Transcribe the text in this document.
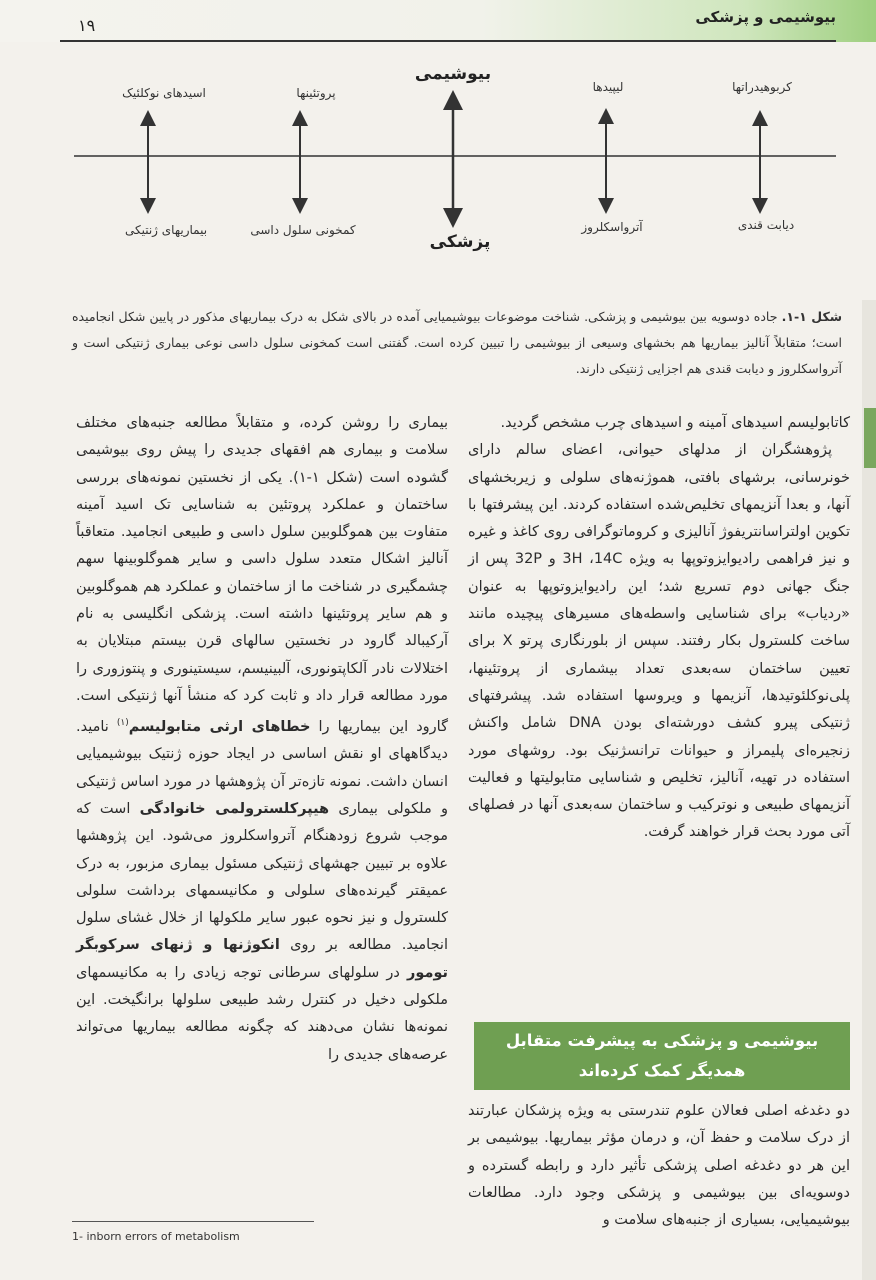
بیوشیمی و پزشکی
۱۹
بیوشیمی
پزشکی
اسیدهای نوکلئیک	پروتئینها	لیپیدها	کربوهیدراتها
بیماریهای ژنتیکی	کمخونی سلول داسی	آترواسکلروز	دیابت قندی
شکل ۱-۱. جاده دوسویه بین بیوشیمی و پزشکی. شناخت موضوعات بیوشیمیایی آمده در بالای شکل به درک بیماریهای مذکور در پایین شکل انجامیده است؛ متقابلاً آنالیز بیماریها هم بخشهای وسیعی از بیوشیمی را تبیین کرده است. گفتنی است کمخونی سلول داسی نوعی بیماری ژنتیکی است و آترواسکلروز و دیابت قندی هم اجزایی ژنتیکی دارند.

کاتابولیسم اسیدهای آمینه و اسیدهای چرب مشخص گردید.

پژوهشگران از مدلهای حیوانی، اعضای سالم دارای خونرسانی، برشهای بافتی، هموژنه‌های سلولی و زیربخشهای آنها، و بعدا آنزیمهای تخلیص‌شده استفاده کردند. این پیشرفتها با تکوین اولتراسانتریفوژ آنالیزی و کروماتوگرافی روی کاغذ و غیره و نیز فراهمی رادیوایزوتوپها به ویژه 3H ،14C و 32P پس از جنگ جهانی دوم تسریع شد؛ این رادیوایزوتوپها به عنوان «ردیاب» برای شناسایی واسطه‌های مسیرهای پیچیده مانند ساخت کلسترول بکار رفتند. سپس از بلورنگاری پرتو X برای تعیین ساختمان سه‌بعدی تعداد بیشماری از پروتئینها، پلی‌نوکلئوتیدها، آنزیمها و ویروسها استفاده شد. پیشرفتهای ژنتیکی پیرو کشف دورشته‌ای بودن DNA شامل واکنش زنجیره‌ای پلیمراز و حیوانات ترانسژنیک بود. روشهای مورد استفاده در تهیه، آنالیز، تخلیص و شناسایی متابولیتها و فعالیت آنزیمهای طبیعی و نوترکیب و ساختمان سه‌بعدی آنها در فصلهای آتی مورد بحث قرار خواهند گرفت.

بیوشیمی و پزشکی به پیشرفت متقابل همدیگر کمک کرده‌اند

دو دغدغه اصلی فعالان علوم تندرستی به ویژه پزشکان عبارتند از درک سلامت و حفظ آن، و درمان مؤثر بیماریها. بیوشیمی بر این هر دو دغدغه اصلی پزشکی تأثیر دارد و رابطه گسترده و دوسویه‌ای بین بیوشیمی و پزشکی وجود دارد. مطالعات بیوشیمیایی، بسیاری از جنبه‌های سلامت و

بیماری را روشن کرده، و متقابلاً مطالعه جنبه‌های مختلف سلامت و بیماری هم افقهای جدیدی را پیش روی بیوشیمی گشوده است (شکل ۱-۱). یکی از نخستین نمونه‌های بررسی ساختمان و عملکرد پروتئین به شناسایی تک اسید آمینه متفاوت بین هموگلوبین سلول داسی و طبیعی انجامید. متعاقباً آنالیز اشکال متعدد سلول داسی و سایر هموگلوبینها سهم چشمگیری در شناخت ما از ساختمان و عملکرد هم هموگلوبین و هم سایر پروتئینها داشته است. پزشکی انگلیسی به نام آرکیبالد گارود در نخستین سالهای قرن بیستم مبتلایان به اختلالات نادر آلکاپتونوری، آلبینیسم، سیستینوری و پنتوزوری را مورد مطالعه قرار داد و ثابت کرد که منشأ آنها ژنتیکی است. گارود این بیماریها را خطاهای ارثی متابولیسم$^{(۱)}$ نامید. دیدگاههای او نقش اساسی در ایجاد حوزه ژنتیک بیوشیمیایی انسان داشت. نمونه تازه‌تر آن پژوهشها در مورد اساس ژنتیکی و ملکولی بیماری هیپرکلسترولمی خانوادگی است که موجب شروع زودهنگام آترواسکلروز می‌شود. این پژوهشها علاوه بر تبیین جهشهای ژنتیکی مسئول بیماری مزبور، به درک عمیقتر گیرنده‌های سلولی و مکانیسمهای برداشت سلولی کلسترول و نیز نحوه عبور سایر ملکولها از خلال غشای سلول انجامید. مطالعه بر روی انکوژنها و ژنهای سرکوبگر تومور در سلولهای سرطانی توجه زیادی را به مکانیسمهای ملکولی دخیل در کنترل رشد طبیعی سلولها برانگیخت. این نمونه‌ها نشان می‌دهند که چگونه مطالعه بیماریها می‌تواند عرصه‌های جدیدی را

1- inborn errors of metabolism
